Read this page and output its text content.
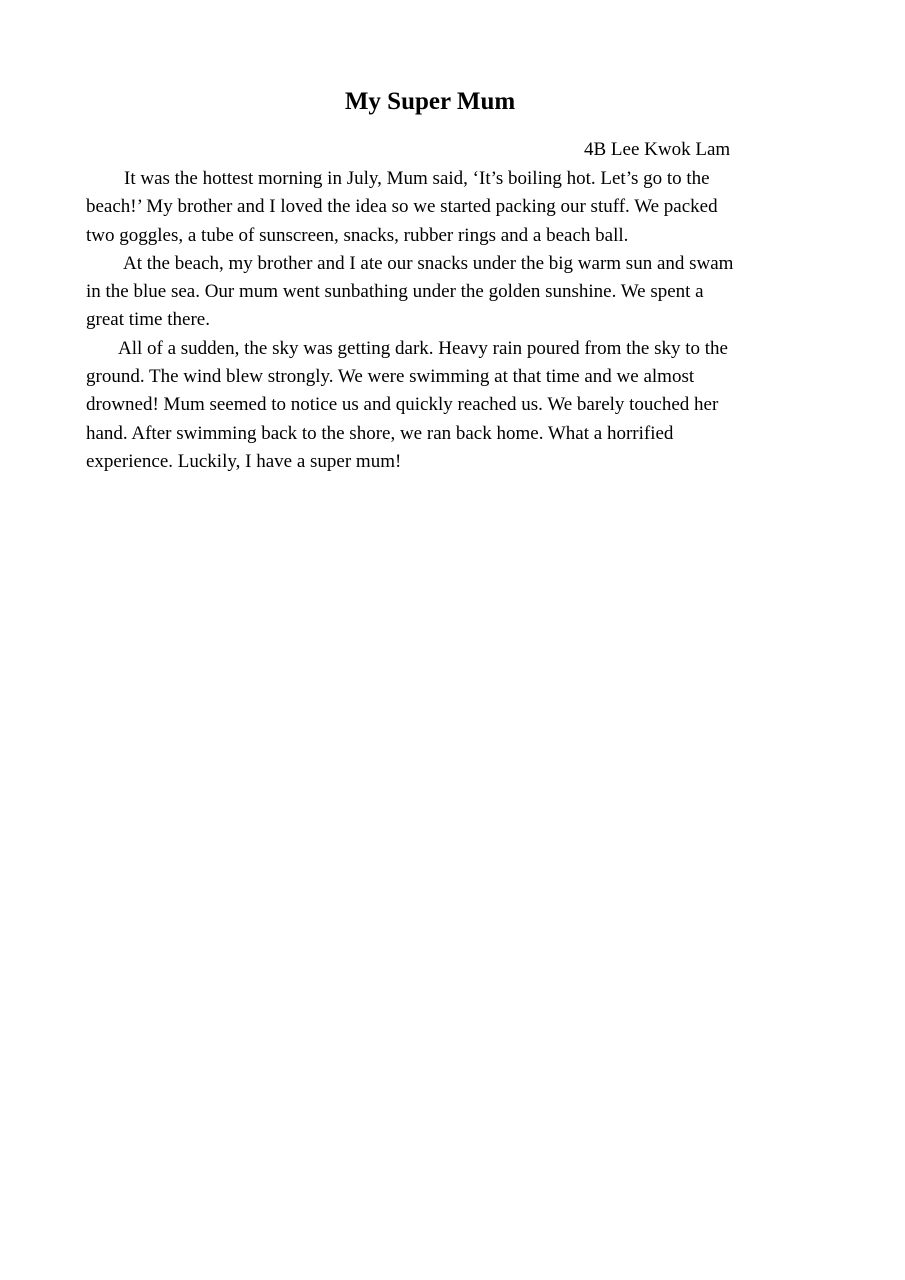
My Super Mum

4B Lee Kwok Lam

It was the hottest morning in July, Mum said, ‘It’s boiling hot. Let’s go to the
beach!’ My brother and I loved the idea so we started packing our stuff. We packed
two goggles, a tube of sunscreen, snacks, rubber rings and a beach ball.
At the beach, my brother and I ate our snacks under the big warm sun and swam
in the blue sea. Our mum went sunbathing under the golden sunshine. We spent a
great time there.
All of a sudden, the sky was getting dark. Heavy rain poured from the sky to the
ground. The wind blew strongly. We were swimming at that time and we almost
drowned! Mum seemed to notice us and quickly reached us. We barely touched her
hand. After swimming back to the shore, we ran back home. What a horrified
experience. Luckily, I have a super mum!
